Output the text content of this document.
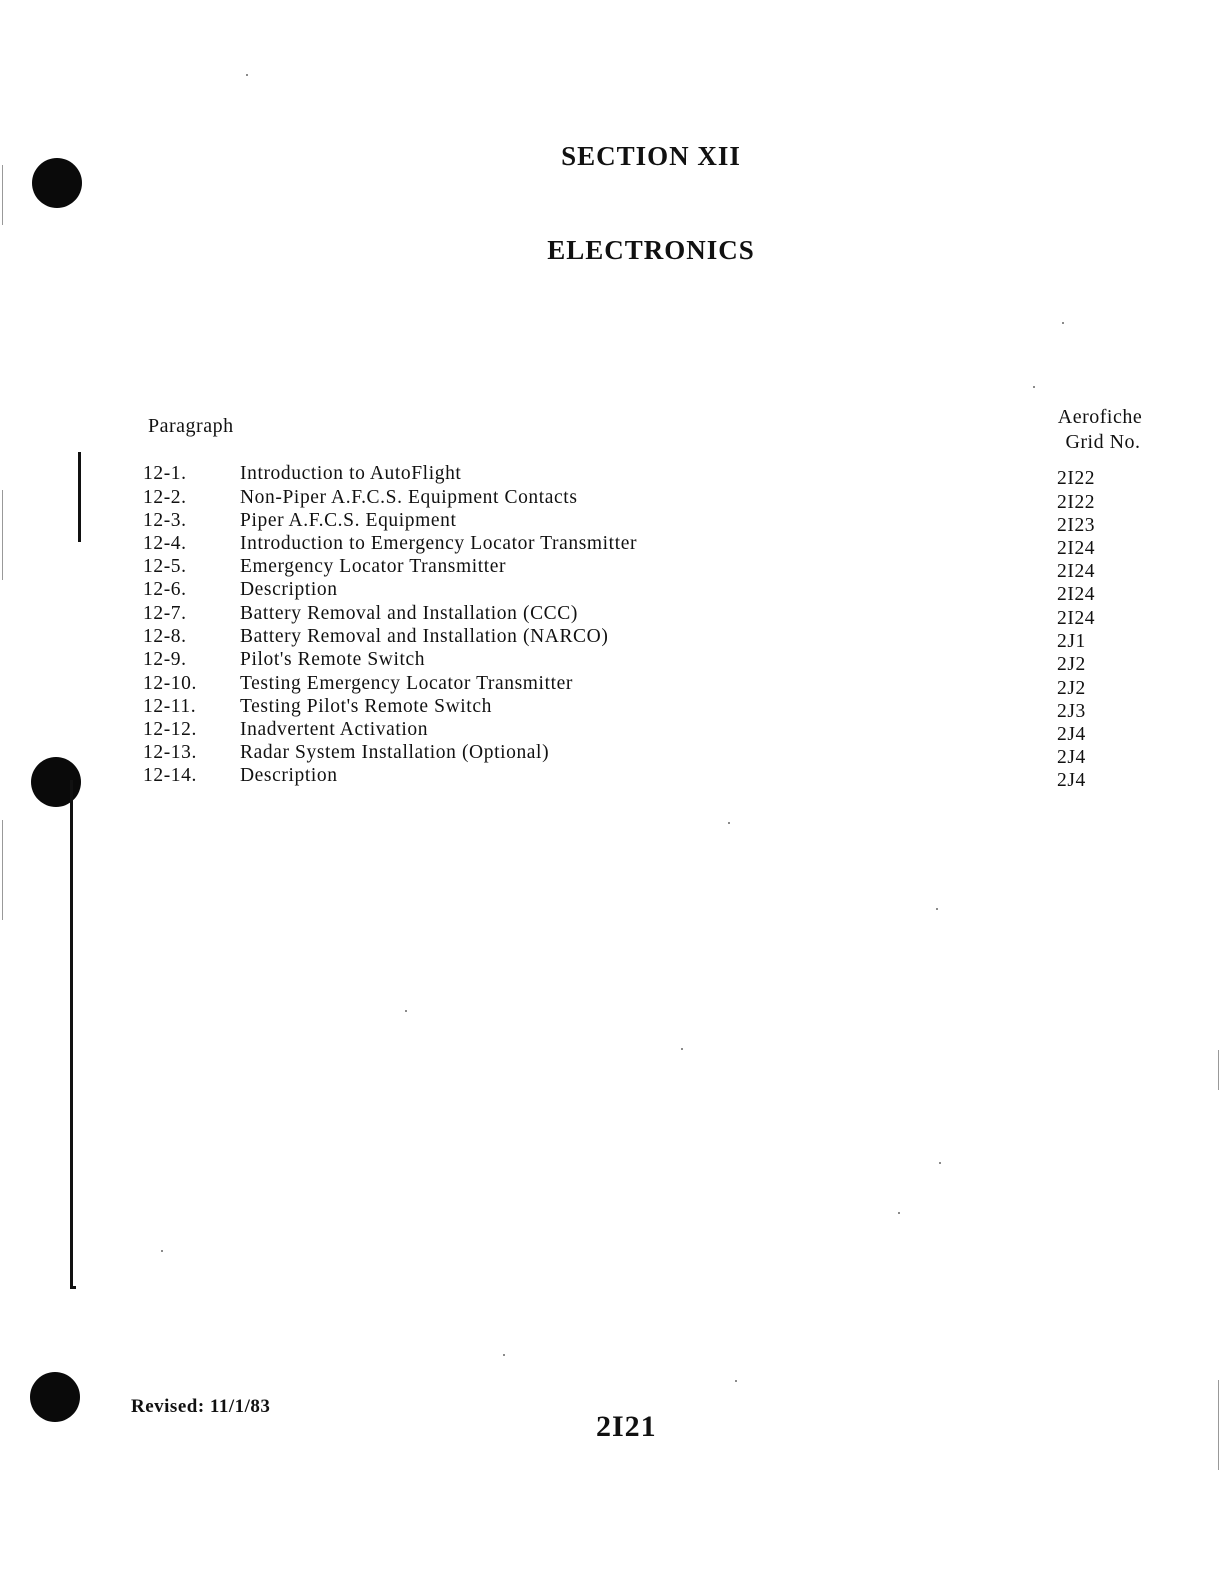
SECTION XII
ELECTRONICS
Paragraph	Aerofiche
Grid No.
12-1.	Introduction to AutoFlight	2I22
12-2.	Non-Piper A.F.C.S. Equipment Contacts	2I22
12-3.	Piper A.F.C.S. Equipment	2I23
12-4.	Introduction to Emergency Locator Transmitter	2I24
12-5.	Emergency Locator Transmitter	2I24
12-6.	Description	2I24
12-7.	Battery Removal and Installation (CCC)	2I24
12-8.	Battery Removal and Installation (NARCO)	2J1
12-9.	Pilot's Remote Switch	2J2
12-10.	Testing Emergency Locator Transmitter	2J2
12-11.	Testing Pilot's Remote Switch	2J3
12-12.	Inadvertent Activation	2J4
12-13.	Radar System Installation (Optional)	2J4
12-14.	Description	2J4
Revised: 11/1/83
2I21
